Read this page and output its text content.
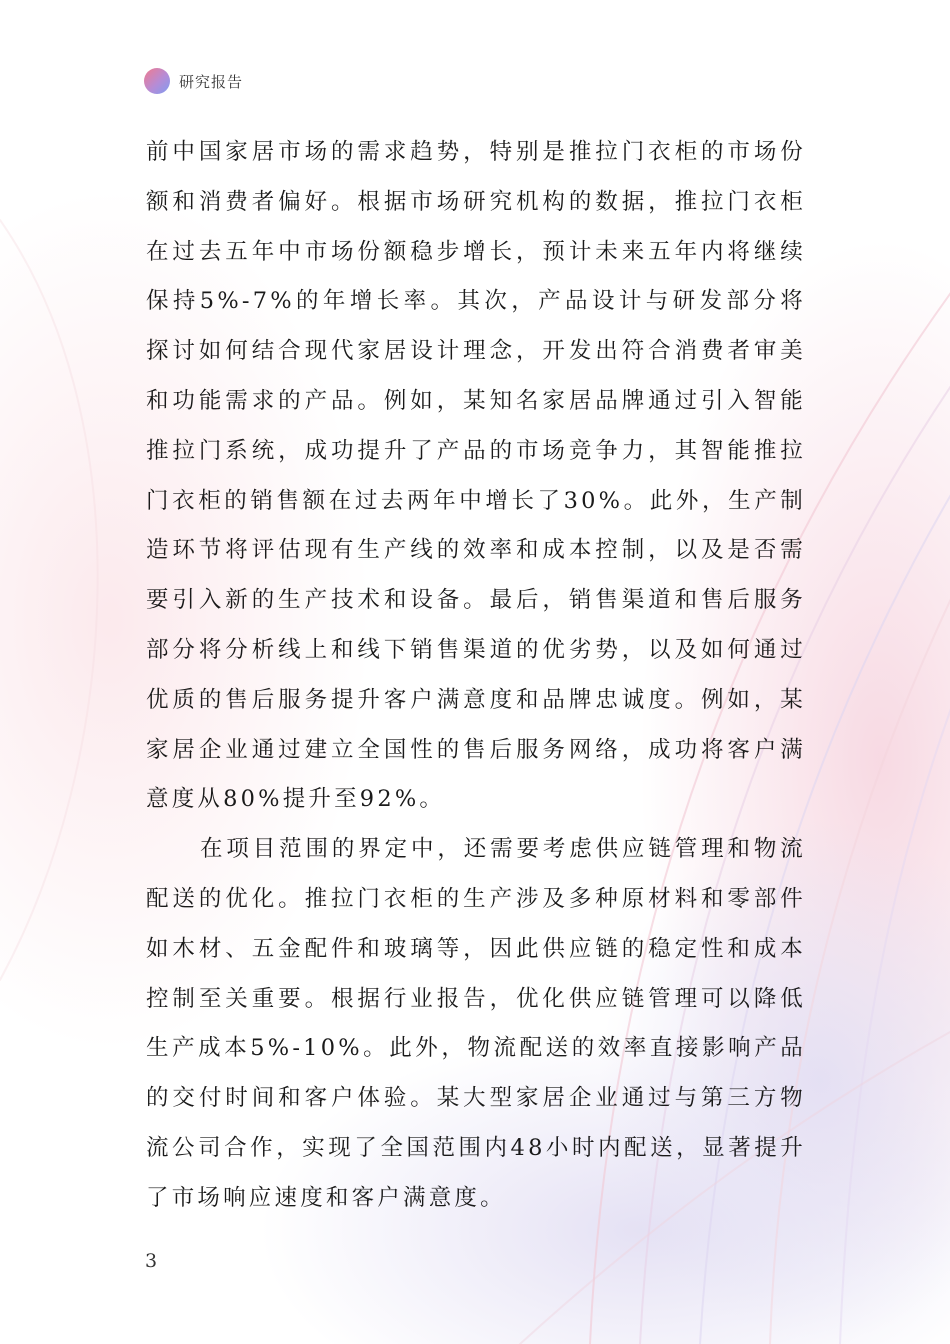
研究报告

前中国家居市场的需求趋势，特别是推拉门衣柜的市场份额和消费者偏好。根据市场研究机构的数据，推拉门衣柜在过去五年中市场份额稳步增长，预计未来五年内将继续保持5%-7%的年增长率。其次，产品设计与研发部分将探讨如何结合现代家居设计理念，开发出符合消费者审美和功能需求的产品。例如，某知名家居品牌通过引入智能推拉门系统，成功提升了产品的市场竞争力，其智能推拉门衣柜的销售额在过去两年中增长了30%。此外，生产制造环节将评估现有生产线的效率和成本控制，以及是否需要引入新的生产技术和设备。最后，销售渠道和售后服务部分将分析线上和线下销售渠道的优劣势，以及如何通过优质的售后服务提升客户满意度和品牌忠诚度。例如，某家居企业通过建立全国性的售后服务网络，成功将客户满意度从80%提升至92%。

在项目范围的界定中，还需要考虑供应链管理和物流配送的优化。推拉门衣柜的生产涉及多种原材料和零部件如木材、五金配件和玻璃等，因此供应链的稳定性和成本控制至关重要。根据行业报告，优化供应链管理可以降低生产成本5%-10%。此外，物流配送的效率直接影响产品的交付时间和客户体验。某大型家居企业通过与第三方物流公司合作，实现了全国范围内48小时内配送，显著提升了市场响应速度和客户满意度。

3
